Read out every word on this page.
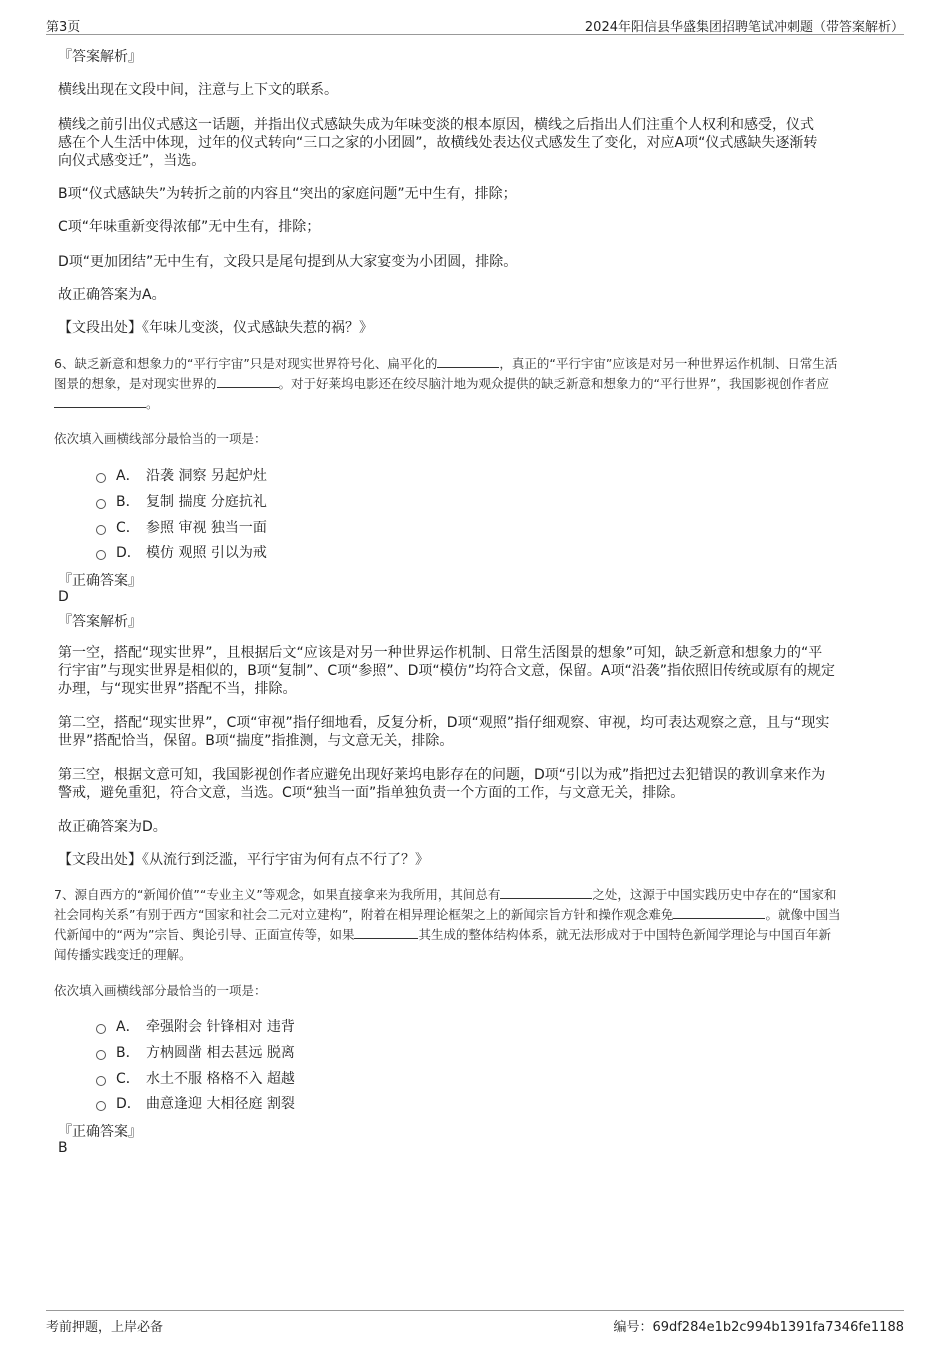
第3页	2024年阳信县华盛集团招聘笔试冲刺题（带答案解析）
『答案解析』
横线出现在文段中间，注意与上下文的联系。
横线之前引出仪式感这一话题，并指出仪式感缺失成为年味变淡的根本原因，横线之后指出人们注重个人权利和感受，仪式
感在个人生活中体现，过年的仪式转向“三口之家的小团圆”，故横线处表达仪式感发生了变化，对应A项“仪式感缺失逐渐转
向仪式感变迁”，当选。
B项“仪式感缺失”为转折之前的内容且“突出的家庭问题”无中生有，排除；
C项“年味重新变得浓郁”无中生有，排除；
D项“更加团结”无中生有，文段只是尾句提到从大家宴变为小团圆，排除。
故正确答案为A。
【文段出处】《年味儿变淡，仪式感缺失惹的祸？》
6、缺乏新意和想象力的“平行宇宙”只是对现实世界符号化、扁平化的	，真正的“平行宇宙”应该是对另一种世界运作机制、日常生活
图景的想象，是对现实世界的	。对于好莱坞电影还在绞尽脑汁地为观众提供的缺乏新意和想象力的“平行世界”，我国影视创作者应
。
依次填入画横线部分最恰当的一项是：
A． 沿袭 洞察 另起炉灶
B． 复制 揣度 分庭抗礼
C． 参照 审视 独当一面
D． 模仿 观照 引以为戒
『正确答案』
D
『答案解析』
第一空，搭配“现实世界”，且根据后文“应该是对另一种世界运作机制、日常生活图景的想象”可知，缺乏新意和想象力的“平
行宇宙”与现实世界是相似的，B项“复制”、C项“参照”、D项“模仿”均符合文意，保留。A项“沿袭”指依照旧传统或原有的规定
办理，与“现实世界”搭配不当，排除。
第二空，搭配“现实世界”，C项“审视”指仔细地看，反复分析，D项“观照”指仔细观察、审视，均可表达观察之意，且与“现实
世界”搭配恰当，保留。B项“揣度”指推测，与文意无关，排除。
第三空，根据文意可知，我国影视创作者应避免出现好莱坞电影存在的问题，D项“引以为戒”指把过去犯错误的教训拿来作为
警戒，避免重犯，符合文意，当选。C项“独当一面”指单独负责一个方面的工作，与文意无关，排除。
故正确答案为D。
【文段出处】《从流行到泛滥，平行宇宙为何有点不行了？》
7、源自西方的“新闻价值”“专业主义”等观念，如果直接拿来为我所用，其间总有	之处，这源于中国实践历史中存在的“国家和
社会同构关系”有别于西方“国家和社会二元对立建构”，附着在相异理论框架之上的新闻宗旨方针和操作观念难免	。就像中国当
代新闻中的“两为”宗旨、舆论引导、正面宣传等，如果	其生成的整体结构体系，就无法形成对于中国特色新闻学理论与中国百年新
闻传播实践变迁的理解。
依次填入画横线部分最恰当的一项是：
A． 牵强附会 针锋相对 违背
B． 方枘圆凿 相去甚远 脱离
C． 水土不服 格格不入 超越
D． 曲意逢迎 大相径庭 割裂
『正确答案』
B
考前押题，上岸必备	编号：69df284e1b2c994b1391fa7346fe1188
